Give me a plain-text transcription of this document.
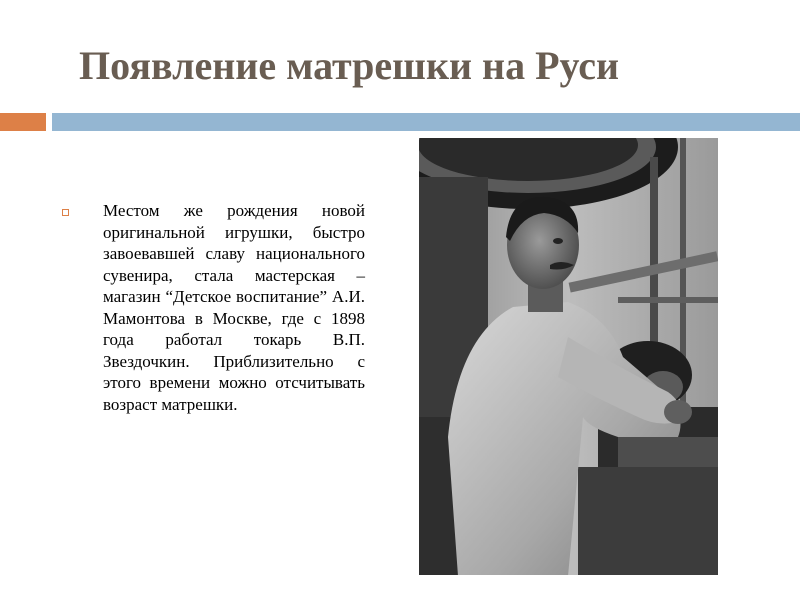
Появление матрешки на Руси

Местом же рождения новой оригинальной игрушки, быстро завоевавшей славу национального сувенира, стала мастерская – магазин “Детское воспитание” А.И. Мамонтова в Москве, где с 1898 года работал токарь В.П. Звездочкин. Приблизительно с этого времени можно отсчитывать возраст матрешки.
